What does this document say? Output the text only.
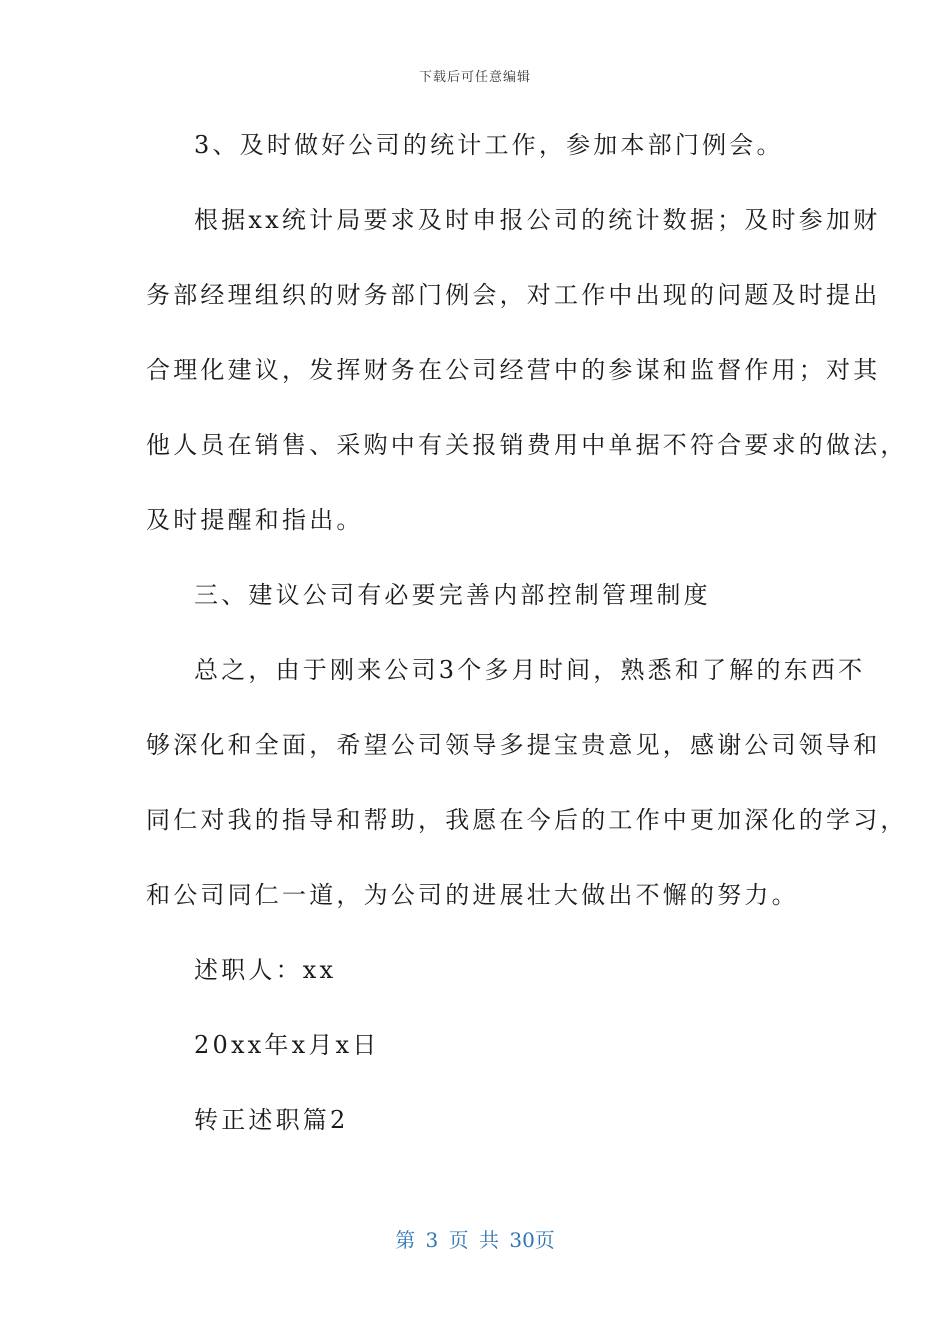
下载后可任意编辑
3、及时做好公司的统计工作，参加本部门例会。
根据xx统计局要求及时申报公司的统计数据；及时参加财
务部经理组织的财务部门例会，对工作中出现的问题及时提出
合理化建议，发挥财务在公司经营中的参谋和监督作用；对其
他人员在销售、采购中有关报销费用中单据不符合要求的做法，
及时提醒和指出。
三、建议公司有必要完善内部控制管理制度
总之，由于刚来公司3个多月时间，熟悉和了解的东西不
够深化和全面，希望公司领导多提宝贵意见，感谢公司领导和
同仁对我的指导和帮助，我愿在今后的工作中更加深化的学习，
和公司同仁一道，为公司的进展壮大做出不懈的努力。
述职人：xx
20xx年x月x日
转正述职篇2
第 3 页 共 30页
